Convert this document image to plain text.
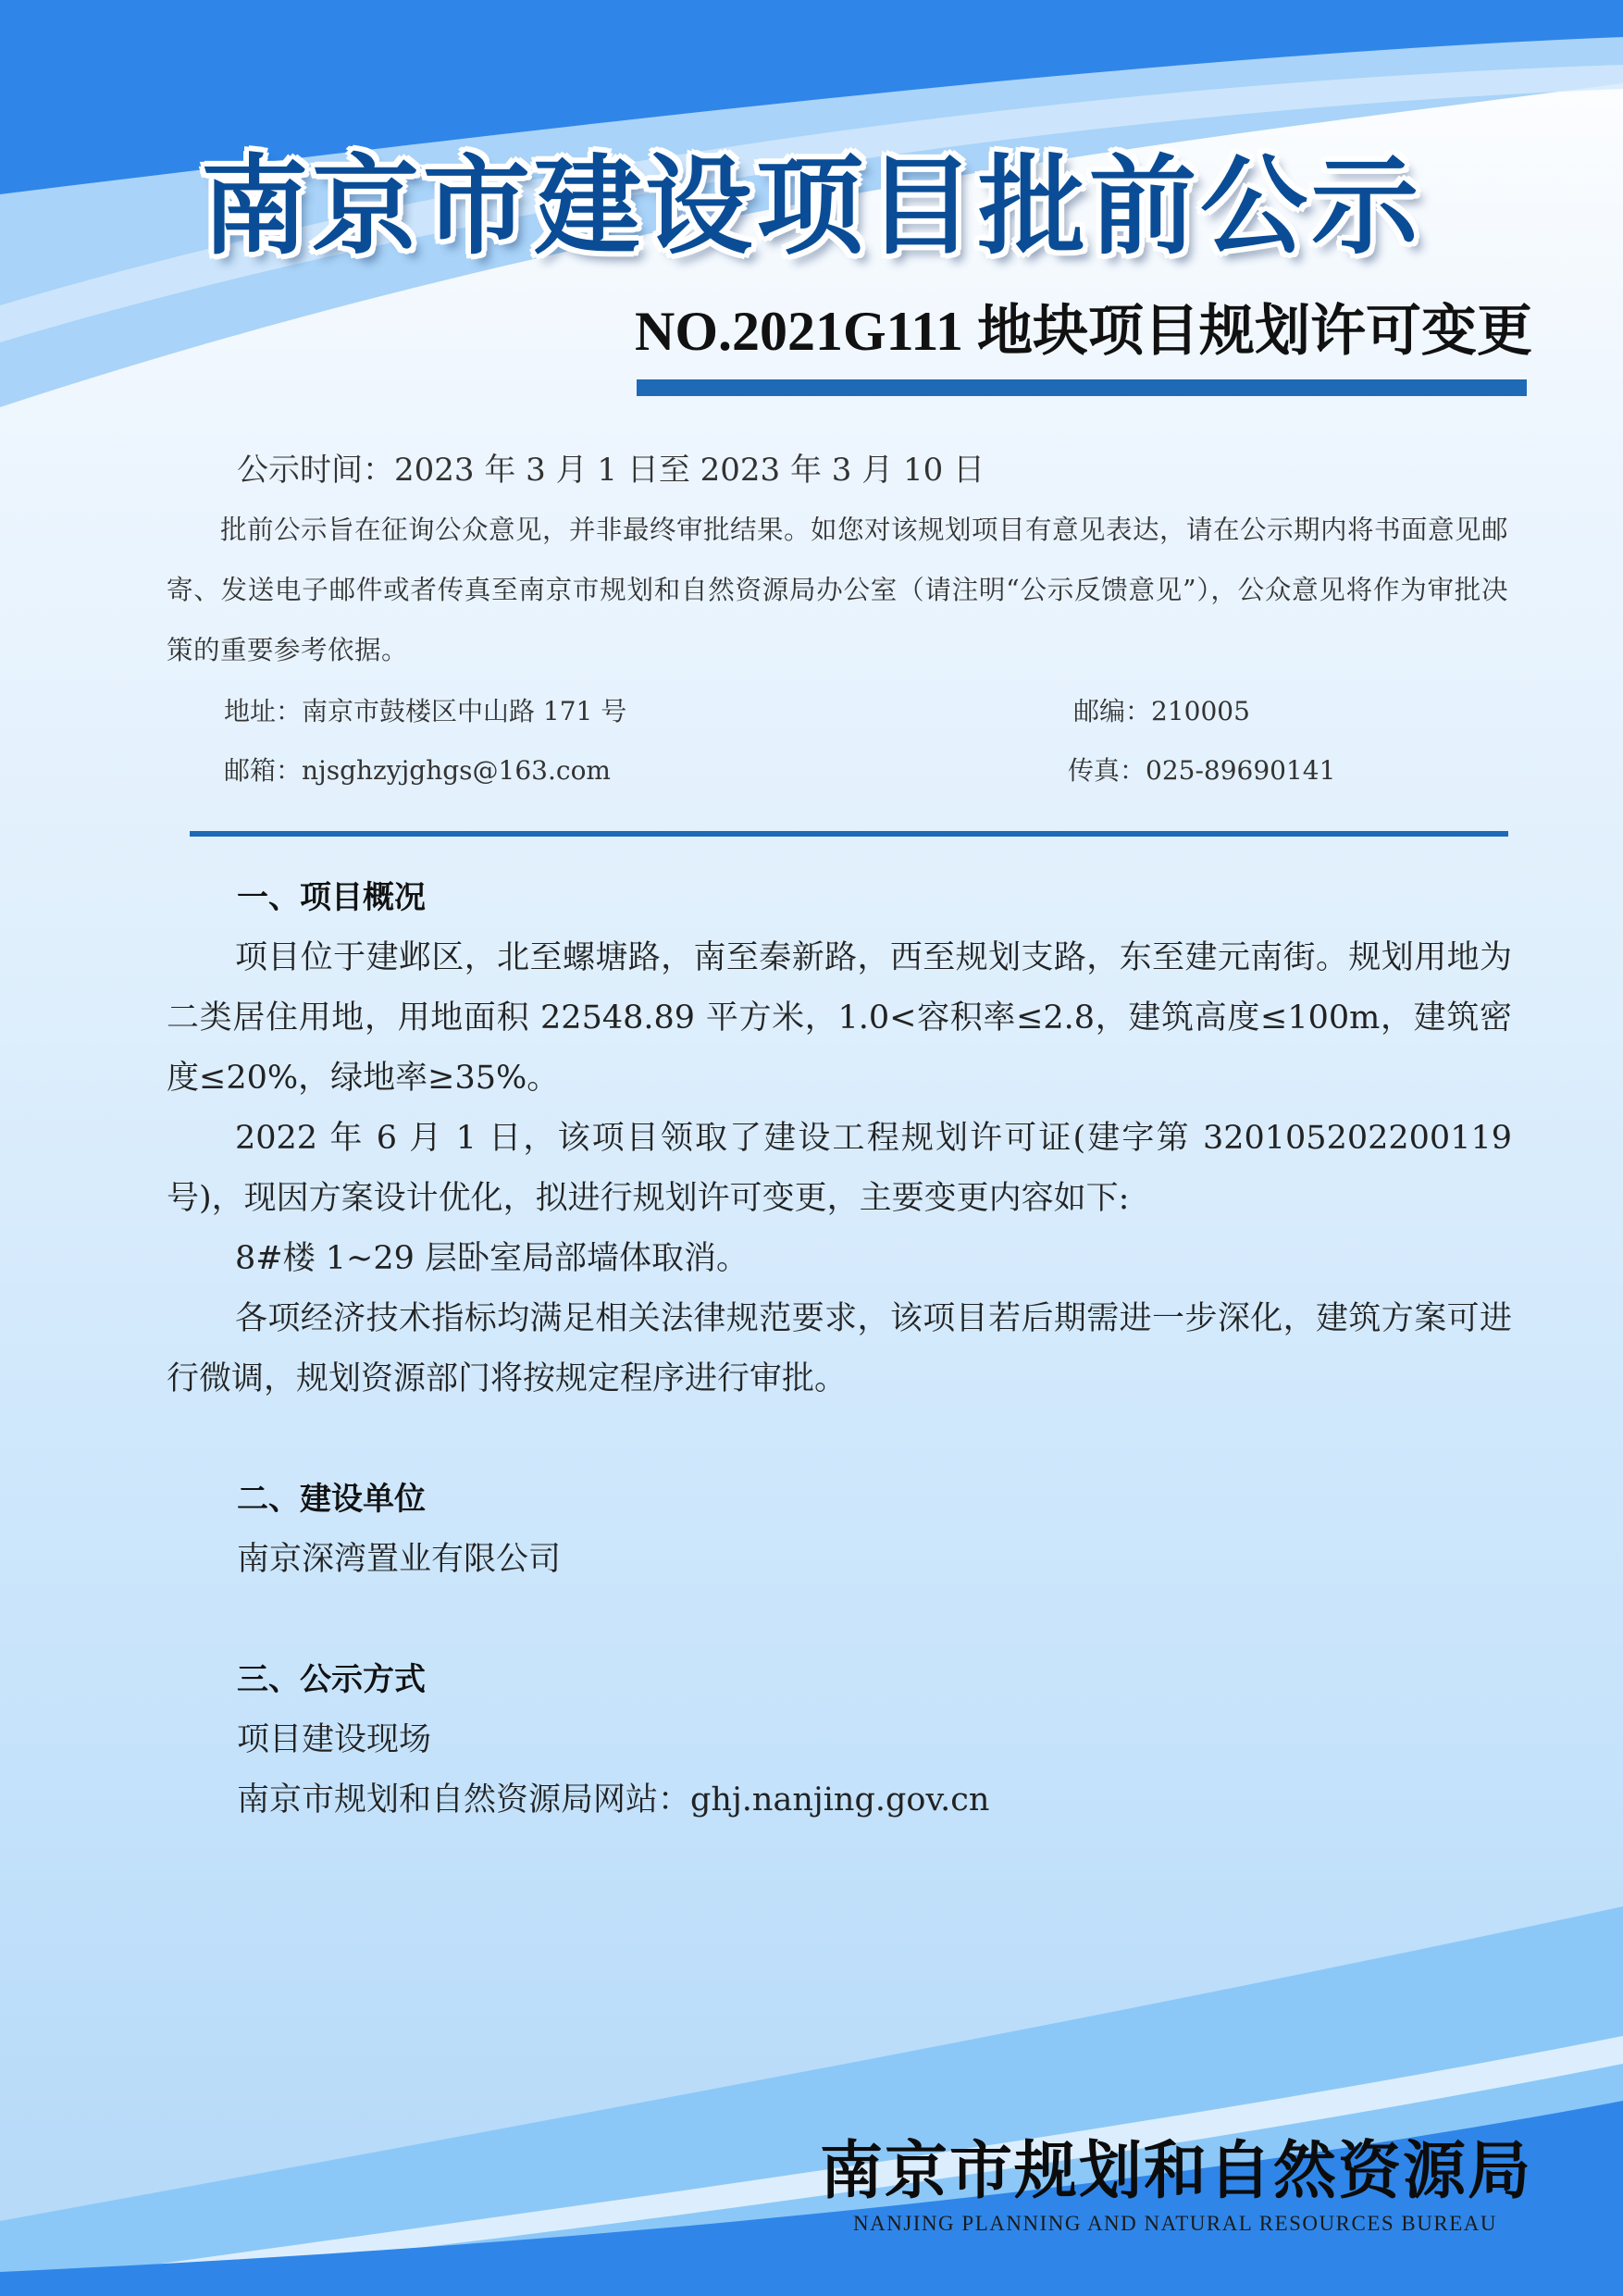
南京市建设项目批前公示
NO.2021G111 地块项目规划许可变更

公示时间：2023 年 3 月 1 日至 2023 年 3 月 10 日

批前公示旨在征询公众意见，并非最终审批结果。如您对该规划项目有意见表达，请在公示期内将书面意见邮寄、发送电子邮件或者传真至南京市规划和自然资源局办公室（请注明“公示反馈意见”），公众意见将作为审批决策的重要参考依据。

地址：南京市鼓楼区中山路 171 号	邮编：210005
邮箱：njsghzyjghgs@163.com	传真：025-89690141
一、项目概况

项目位于建邺区，北至螺塘路，南至秦新路，西至规划支路，东至建元南街。规划用地为二类居住用地，用地面积 22548.89 平方米，1.0<容积率≤2.8，建筑高度≤100m，建筑密度≤20%，绿地率≥35%。

2022 年 6 月 1 日，该项目领取了建设工程规划许可证(建字第 320105202200119 号)，现因方案设计优化，拟进行规划许可变更，主要变更内容如下:

8#楼 1~29 层卧室局部墙体取消。

各项经济技术指标均满足相关法律规范要求，该项目若后期需进一步深化，建筑方案可进行微调，规划资源部门将按规定程序进行审批。

二、建设单位

南京深湾置业有限公司

三、公示方式

项目建设现场

南京市规划和自然资源局网站：ghj.nanjing.gov.cn

南京市规划和自然资源局
NANJING PLANNING AND NATURAL RESOURCES BUREAU
